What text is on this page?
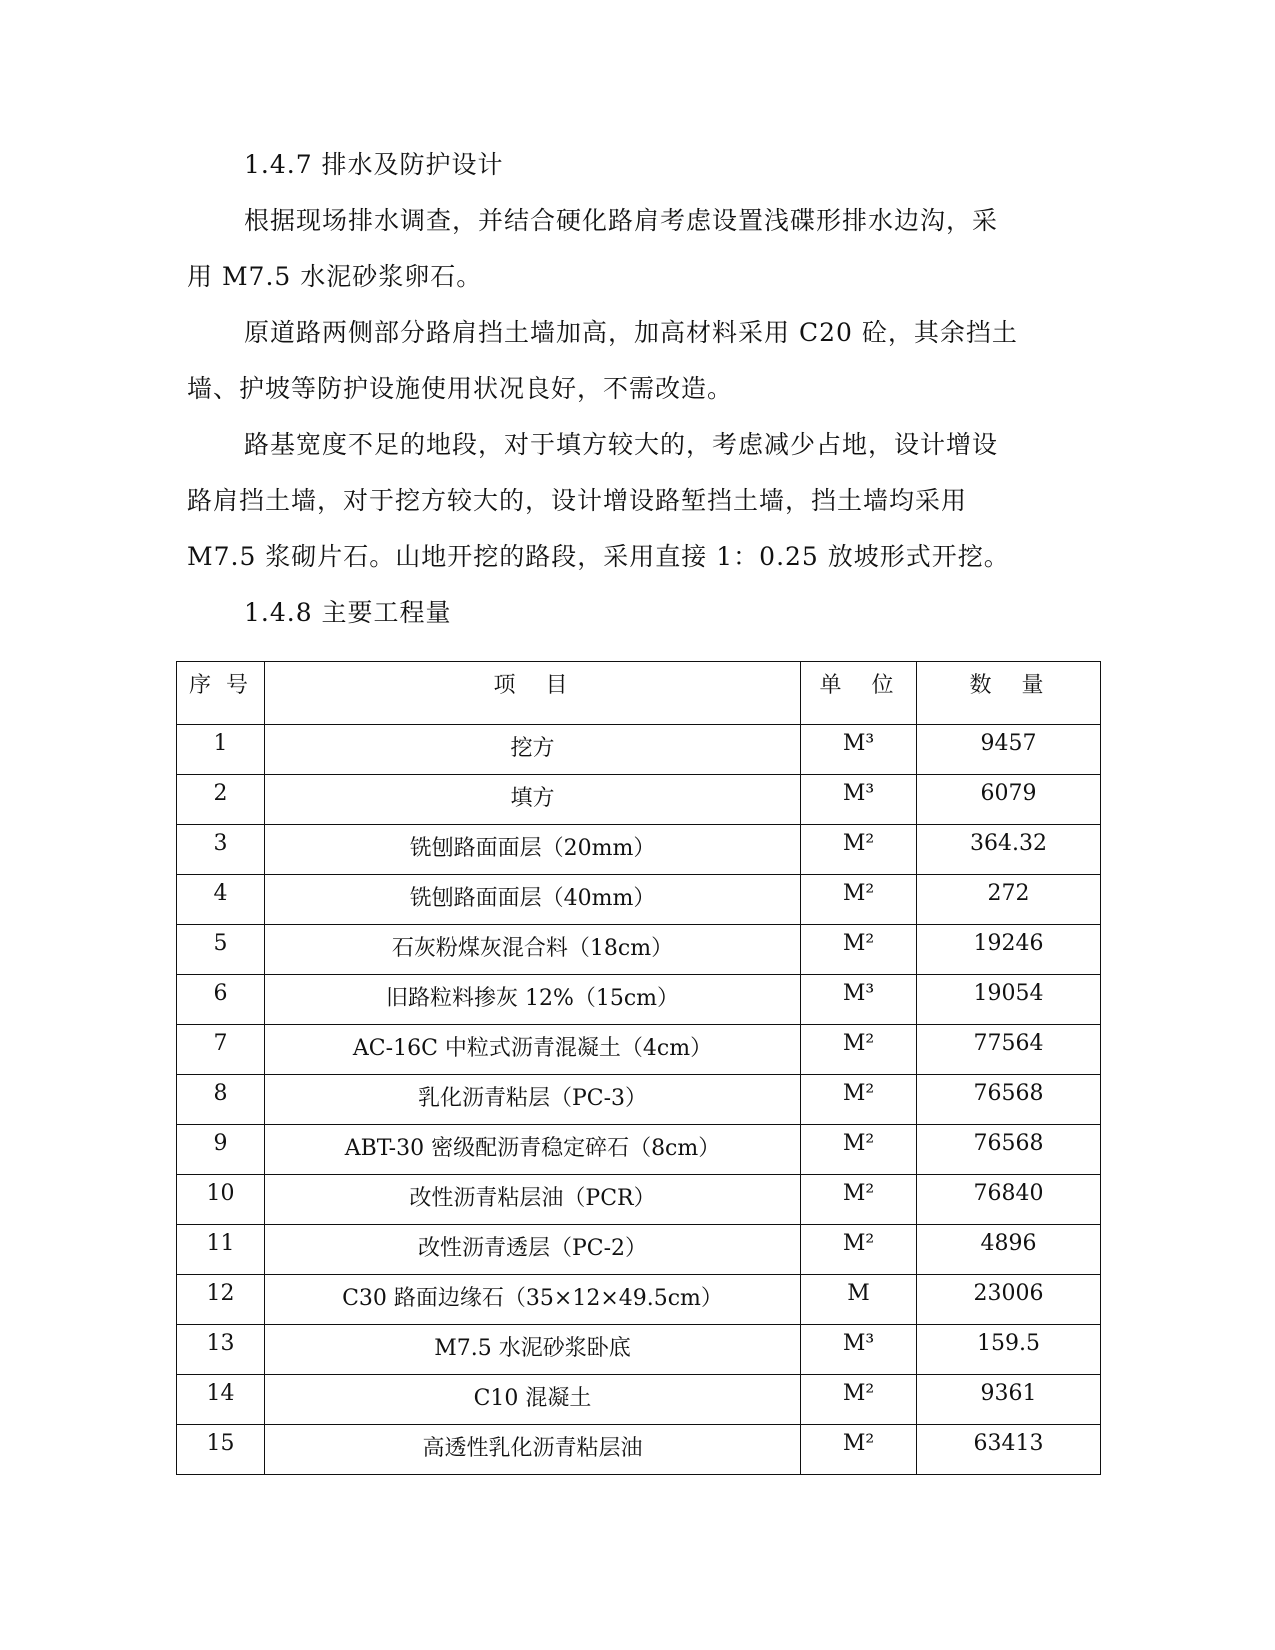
1.4.7 排水及防护设计
根据现场排水调查，并结合硬化路肩考虑设置浅碟形排水边沟，采
用 M7.5 水泥砂浆卵石。
原道路两侧部分路肩挡土墙加高，加高材料采用 C20 砼，其余挡土
墙、护坡等防护设施使用状况良好，不需改造。
路基宽度不足的地段，对于填方较大的，考虑减少占地，设计增设
路肩挡土墙，对于挖方较大的，设计增设路堑挡土墙，挡土墙均采用
M7.5 浆砌片石。山地开挖的路段，采用直接 1：0.25 放坡形式开挖。
1.4.8 主要工程量
序 号	项　目	单　位	数　量
1	挖方	M³	9457
2	填方	M³	6079
3	铣刨路面面层（20mm）	M²	364.32
4	铣刨路面面层（40mm）	M²	272
5	石灰粉煤灰混合料（18cm）	M²	19246
6	旧路粒料掺灰 12%（15cm）	M³	19054
7	AC-16C 中粒式沥青混凝土（4cm）	M²	77564
8	乳化沥青粘层（PC-3）	M²	76568
9	ABT-30 密级配沥青稳定碎石（8cm）	M²	76568
10	改性沥青粘层油（PCR）	M²	76840
11	改性沥青透层（PC-2）	M²	4896
12	C30 路面边缘石（35×12×49.5cm）	M	23006
13	M7.5 水泥砂浆卧底	M³	159.5
14	C10 混凝土	M²	9361
15	高透性乳化沥青粘层油	M²	63413
